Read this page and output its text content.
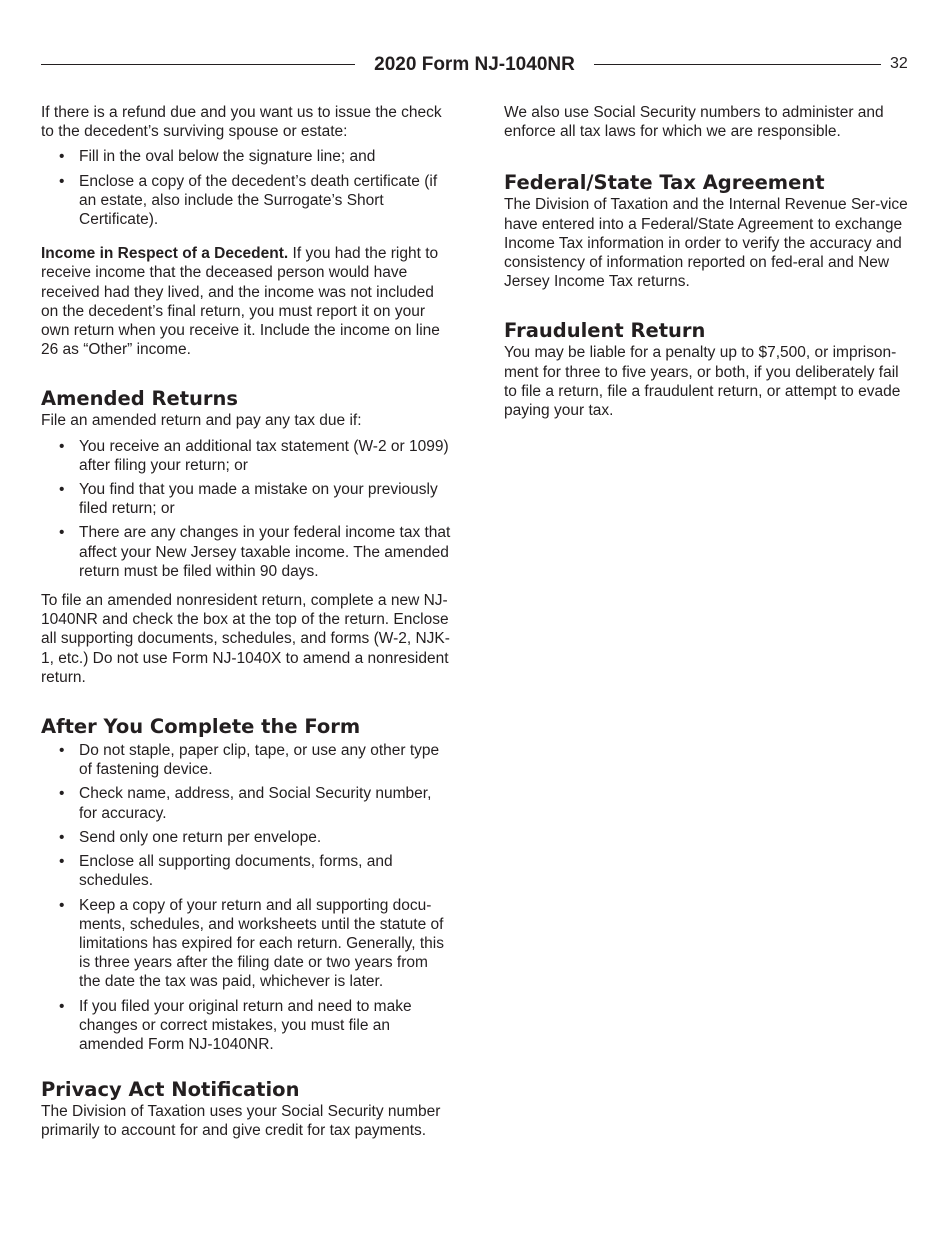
2020 Form NJ-1040NR	32

If there is a refund due and you want us to issue the check to the decedent’s surviving spouse or estate:

• Fill in the oval below the signature line; and
• Enclose a copy of the decedent’s death certificate (if an estate, also include the Surrogate’s Short Certificate).

Income in Respect of a Decedent. If you had the right to receive income that the deceased person would have received had they lived, and the income was not included on the decedent’s final return, you must report it on your own return when you receive it. Include the income on line 26 as “Other” income.

Amended Returns

File an amended return and pay any tax due if:

• You receive an additional tax statement (W-2 or 1099) after filing your return; or
• You find that you made a mistake on your previously filed return; or
• There are any changes in your federal income tax that affect your New Jersey taxable income. The amended return must be filed within 90 days.

To file an amended nonresident return, complete a new NJ-1040NR and check the box at the top of the return. Enclose all supporting documents, schedules, and forms (W-2, NJK-1, etc.) Do not use Form NJ-1040X to amend a nonresident return.

After You Complete the Form
• Do not staple, paper clip, tape, or use any other type of fastening device.
• Check name, address, and Social Security number, for accuracy.
• Send only one return per envelope.
• Enclose all supporting documents, forms, and schedules.
• Keep a copy of your return and all supporting docu-ments, schedules, and worksheets until the statute of limitations has expired for each return. Generally, this is three years after the filing date or two years from the date the tax was paid, whichever is later.
• If you filed your original return and need to make changes or correct mistakes, you must file an amended Form NJ-1040NR.
Privacy Act Notification

The Division of Taxation uses your Social Security number primarily to account for and give credit for tax payments.

We also use Social Security numbers to administer and enforce all tax laws for which we are responsible.

Federal/State Tax Agreement

The Division of Taxation and the Internal Revenue Ser-vice have entered into a Federal/State Agreement to exchange Income Tax information in order to verify the accuracy and consistency of information reported on fed-eral and New Jersey Income Tax returns.

Fraudulent Return

You may be liable for a penalty up to $7,500, or imprison-ment for three to five years, or both, if you deliberately fail to file a return, file a fraudulent return, or attempt to evade paying your tax.
